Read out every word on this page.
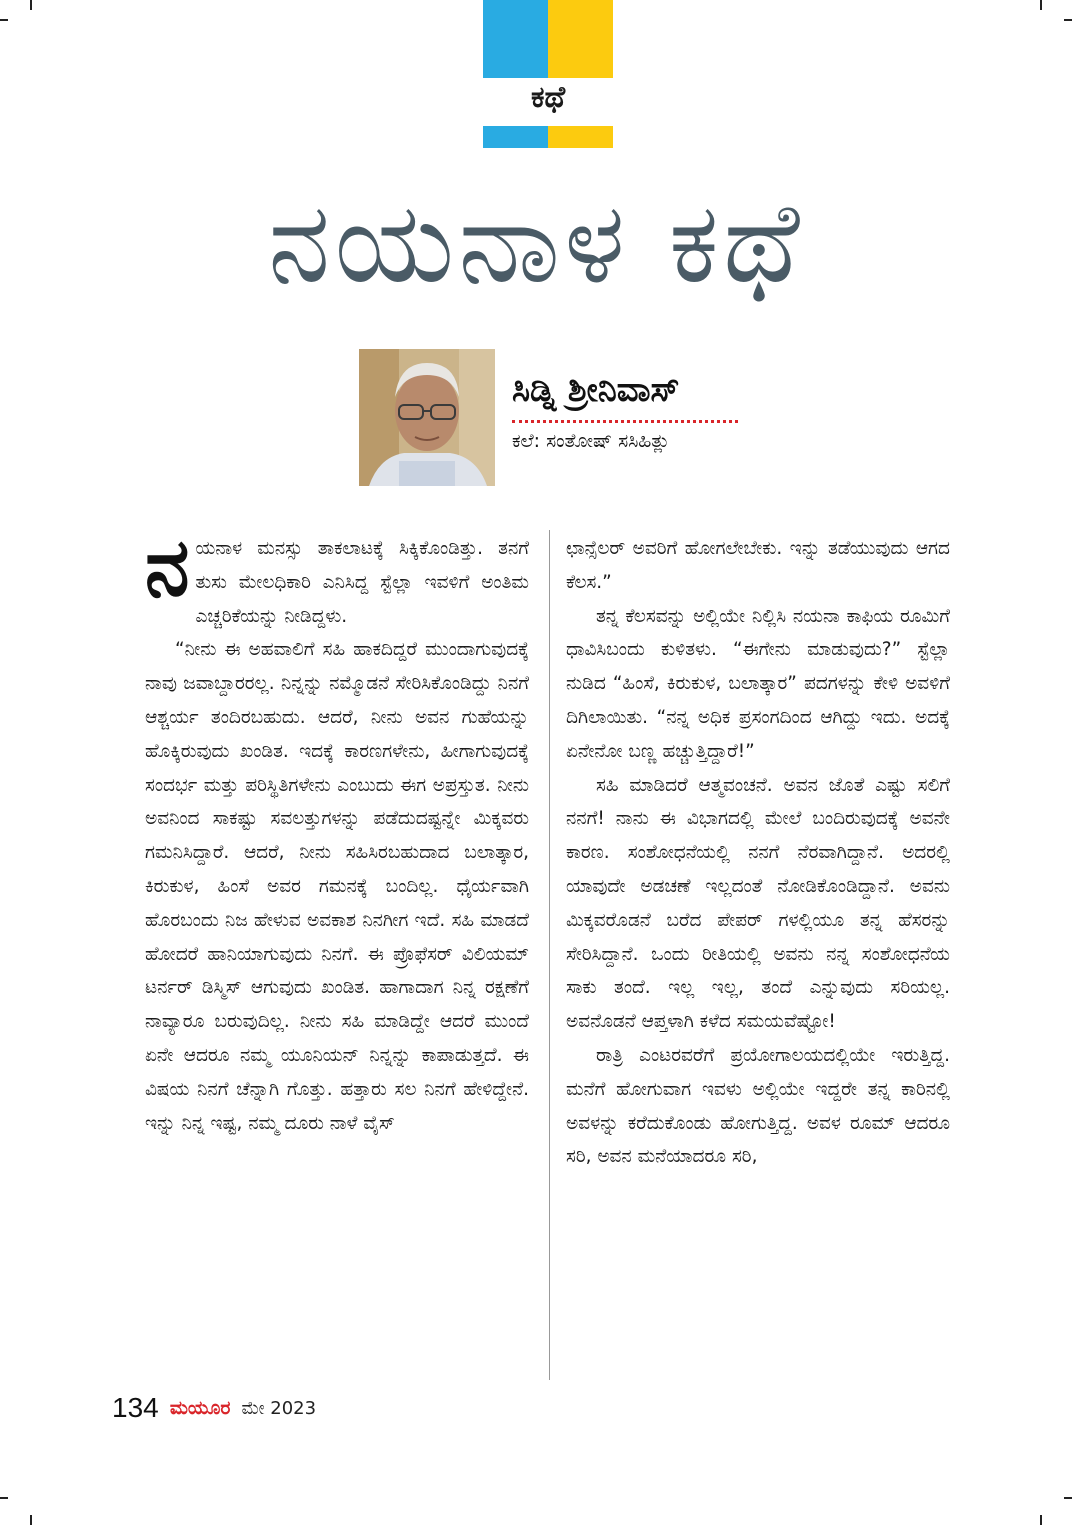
ಕಥೆ
ನಯನಾಳ ಕಥೆ
ಸಿಡ್ನಿ ಶ್ರೀನಿವಾಸ್
ಕಲೆ: ಸಂತೋಷ್ ಸಸಿಹಿತ್ಲು

ನಯನಾಳ ಮನಸ್ಸು ತಾಕಲಾಟಕ್ಕೆ ಸಿಕ್ಕಿಕೊಂಡಿತ್ತು. ತನಗೆ ತುಸು ಮೇಲಧಿಕಾರಿ ಎನಿಸಿದ್ದ ಸ್ಟೆಲ್ಲಾ ಇವಳಿಗೆ ಅಂತಿಮ ಎಚ್ಚರಿಕೆಯನ್ನು ನೀಡಿದ್ದಳು.

“ನೀನು ಈ ಅಹವಾಲಿಗೆ ಸಹಿ ಹಾಕದಿದ್ದರೆ ಮುಂದಾಗುವುದಕ್ಕೆ ನಾವು ಜವಾಬ್ದಾರರಲ್ಲ. ನಿನ್ನನ್ನು ನಮ್ಮೊಡನೆ ಸೇರಿಸಿಕೊಂಡಿದ್ದು ನಿನಗೆ ಆಶ್ಚರ್ಯ ತಂದಿರಬಹುದು. ಆದರೆ, ನೀನು ಅವನ ಗುಹೆಯನ್ನು ಹೊಕ್ಕಿರುವುದು ಖಂಡಿತ. ಇದಕ್ಕೆ ಕಾರಣಗಳೇನು, ಹೀಗಾಗುವುದಕ್ಕೆ ಸಂದರ್ಭ ಮತ್ತು ಪರಿಸ್ಥಿತಿಗಳೇನು ಎಂಬುದು ಈಗ ಅಪ್ರಸ್ತುತ. ನೀನು ಅವನಿಂದ ಸಾಕಷ್ಟು ಸವಲತ್ತುಗಳನ್ನು ಪಡೆದುದಷ್ಟನ್ನೇ ಮಿಕ್ಕವರು ಗಮನಿಸಿದ್ದಾರೆ. ಆದರೆ, ನೀನು ಸಹಿಸಿರಬಹುದಾದ ಬಲಾತ್ಕಾರ, ಕಿರುಕುಳ, ಹಿಂಸೆ ಅವರ ಗಮನಕ್ಕೆ ಬಂದಿಲ್ಲ. ಧೈರ್ಯವಾಗಿ ಹೊರಬಂದು ನಿಜ ಹೇಳುವ ಅವಕಾಶ ನಿನಗೀಗ ಇದೆ. ಸಹಿ ಮಾಡದೆ ಹೋದರೆ ಹಾನಿಯಾಗುವುದು ನಿನಗೆ. ಈ ಪ್ರೊಫೆಸರ್ ವಿಲಿಯಮ್ ಟರ್ನರ್ ಡಿಸ್ಮಿಸ್ ಆಗುವುದು ಖಂಡಿತ. ಹಾಗಾದಾಗ ನಿನ್ನ ರಕ್ಷಣೆಗೆ ನಾವ್ಯಾರೂ ಬರುವುದಿಲ್ಲ. ನೀನು ಸಹಿ ಮಾಡಿದ್ದೇ ಆದರೆ ಮುಂದೆ ಏನೇ ಆದರೂ ನಮ್ಮ ಯೂನಿಯನ್ ನಿನ್ನನ್ನು ಕಾಪಾಡುತ್ತದೆ. ಈ ವಿಷಯ ನಿನಗೆ ಚೆನ್ನಾಗಿ ಗೊತ್ತು. ಹತ್ತಾರು ಸಲ ನಿನಗೆ ಹೇಳಿದ್ದೇನೆ. ಇನ್ನು ನಿನ್ನ ಇಷ್ಟ, ನಮ್ಮ ದೂರು ನಾಳೆ ವೈಸ್

ಛಾನ್ಸೆಲರ್ ಅವರಿಗೆ ಹೋಗಲೇಬೇಕು. ಇನ್ನು ತಡೆಯುವುದು ಆಗದ ಕೆಲಸ.”

ತನ್ನ ಕೆಲಸವನ್ನು ಅಲ್ಲಿಯೇ ನಿಲ್ಲಿಸಿ ನಯನಾ ಕಾಫಿಯ ರೂಮಿಗೆ ಧಾವಿಸಿಬಂದು ಕುಳಿತಳು. “ಈಗೇನು ಮಾಡುವುದು?” ಸ್ಟೆಲ್ಲಾ ನುಡಿದ “ಹಿಂಸೆ, ಕಿರುಕುಳ, ಬಲಾತ್ಕಾರ” ಪದಗಳನ್ನು ಕೇಳಿ ಅವಳಿಗೆ ದಿಗಿಲಾಯಿತು. “ನನ್ನ ಅಧಿಕ ಪ್ರಸಂಗದಿಂದ ಆಗಿದ್ದು ಇದು. ಅದಕ್ಕೆ ಏನೇನೋ ಬಣ್ಣ ಹಚ್ಚುತ್ತಿದ್ದಾರೆ!”

ಸಹಿ ಮಾಡಿದರೆ ಆತ್ಮವಂಚನೆ. ಅವನ ಜೊತೆ ಎಷ್ಟು ಸಲಿಗೆ ನನಗೆ! ನಾನು ಈ ವಿಭಾಗದಲ್ಲಿ ಮೇಲೆ ಬಂದಿರುವುದಕ್ಕೆ ಅವನೇ ಕಾರಣ. ಸಂಶೋಧನೆಯಲ್ಲಿ ನನಗೆ ನೆರವಾಗಿದ್ದಾನೆ. ಅದರಲ್ಲಿ ಯಾವುದೇ ಅಡಚಣೆ ಇಲ್ಲದಂತೆ ನೋಡಿಕೊಂಡಿದ್ದಾನೆ. ಅವನು ಮಿಕ್ಕವರೊಡನೆ ಬರೆದ ಪೇಪರ್ ಗಳಲ್ಲಿಯೂ ತನ್ನ ಹೆಸರನ್ನು ಸೇರಿಸಿದ್ದಾನೆ. ಒಂದು ರೀತಿಯಲ್ಲಿ ಅವನು ನನ್ನ ಸಂಶೋಧನೆಯ ಸಾಕು ತಂದೆ. ಇಲ್ಲ ಇಲ್ಲ, ತಂದೆ ಎನ್ನುವುದು ಸರಿಯಲ್ಲ. ಅವನೊಡನೆ ಆಪ್ತಳಾಗಿ ಕಳೆದ ಸಮಯವೆಷ್ಟೋ!

ರಾತ್ರಿ ಎಂಟರವರೆಗೆ ಪ್ರಯೋಗಾಲಯದಲ್ಲಿಯೇ ಇರುತ್ತಿದ್ದ. ಮನೆಗೆ ಹೋಗುವಾಗ ಇವಳು ಅಲ್ಲಿಯೇ ಇದ್ದರೇ ತನ್ನ ಕಾರಿನಲ್ಲಿ ಅವಳನ್ನು ಕರೆದುಕೊಂಡು ಹೋಗುತ್ತಿದ್ದ. ಅವಳ ರೂಮ್ ಆದರೂ ಸರಿ, ಅವನ ಮನೆಯಾದರೂ ಸರಿ,

134 ಮಯೂರ ಮೇ 2023
